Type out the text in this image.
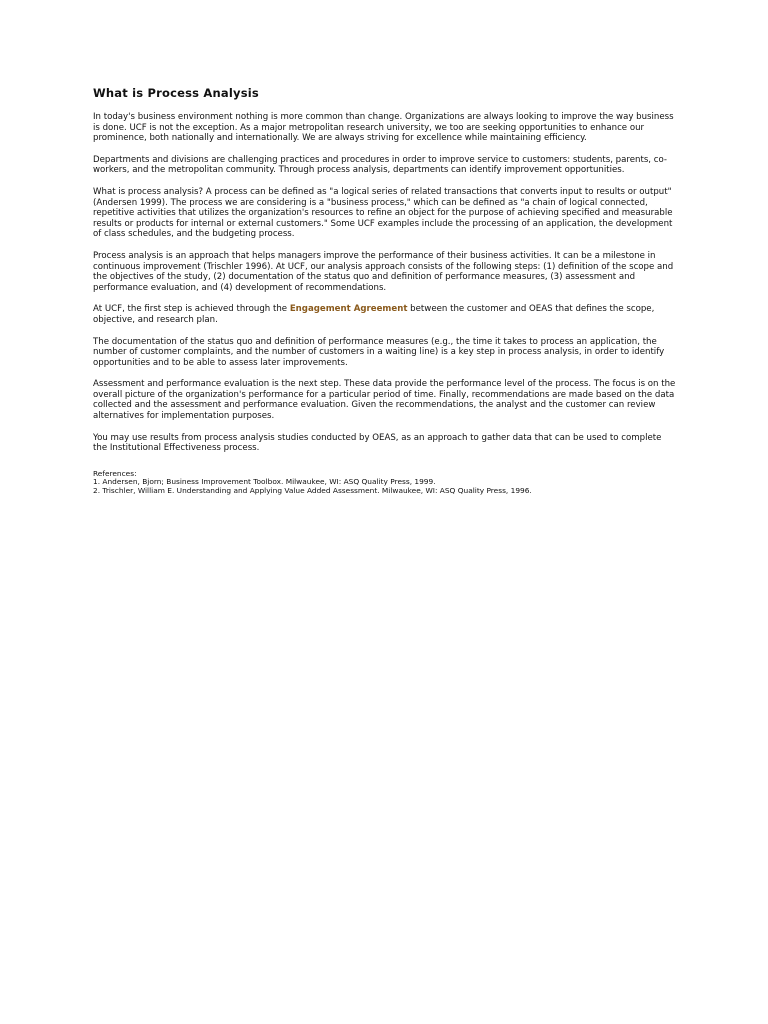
What is Process Analysis

In today's business environment nothing is more common than change. Organizations are always looking to improve the way business is done. UCF is not the exception. As a major metropolitan research university, we too are seeking opportunities to enhance our prominence, both nationally and internationally. We are always striving for excellence while maintaining efficiency.

Departments and divisions are challenging practices and procedures in order to improve service to customers: students, parents, co-workers, and the metropolitan community. Through process analysis, departments can identify improvement opportunities.

What is process analysis? A process can be defined as "a logical series of related transactions that converts input to results or output" (Andersen 1999). The process we are considering is a "business process," which can be defined as "a chain of logical connected, repetitive activities that utilizes the organization's resources to refine an object for the purpose of achieving specified and measurable results or products for internal or external customers." Some UCF examples include the processing of an application, the development of class schedules, and the budgeting process.

Process analysis is an approach that helps managers improve the performance of their business activities. It can be a milestone in continuous improvement (Trischler 1996). At UCF, our analysis approach consists of the following steps: (1) definition of the scope and the objectives of the study, (2) documentation of the status quo and definition of performance measures, (3) assessment and performance evaluation, and (4) development of recommendations.

At UCF, the first step is achieved through the Engagement Agreement between the customer and OEAS that defines the scope, objective, and research plan.

The documentation of the status quo and definition of performance measures (e.g., the time it takes to process an application, the number of customer complaints, and the number of customers in a waiting line) is a key step in process analysis, in order to identify opportunities and to be able to assess later improvements.

Assessment and performance evaluation is the next step. These data provide the performance level of the process. The focus is on the overall picture of the organization's performance for a particular period of time. Finally, recommendations are made based on the data collected and the assessment and performance evaluation. Given the recommendations, the analyst and the customer can review alternatives for implementation purposes.

You may use results from process analysis studies conducted by OEAS, as an approach to gather data that can be used to complete the Institutional Effectiveness process.

References:
1. Andersen, Bjorn; Business Improvement Toolbox. Milwaukee, WI: ASQ Quality Press, 1999.
2. Trischler, William E. Understanding and Applying Value Added Assessment. Milwaukee, WI: ASQ Quality Press, 1996.
